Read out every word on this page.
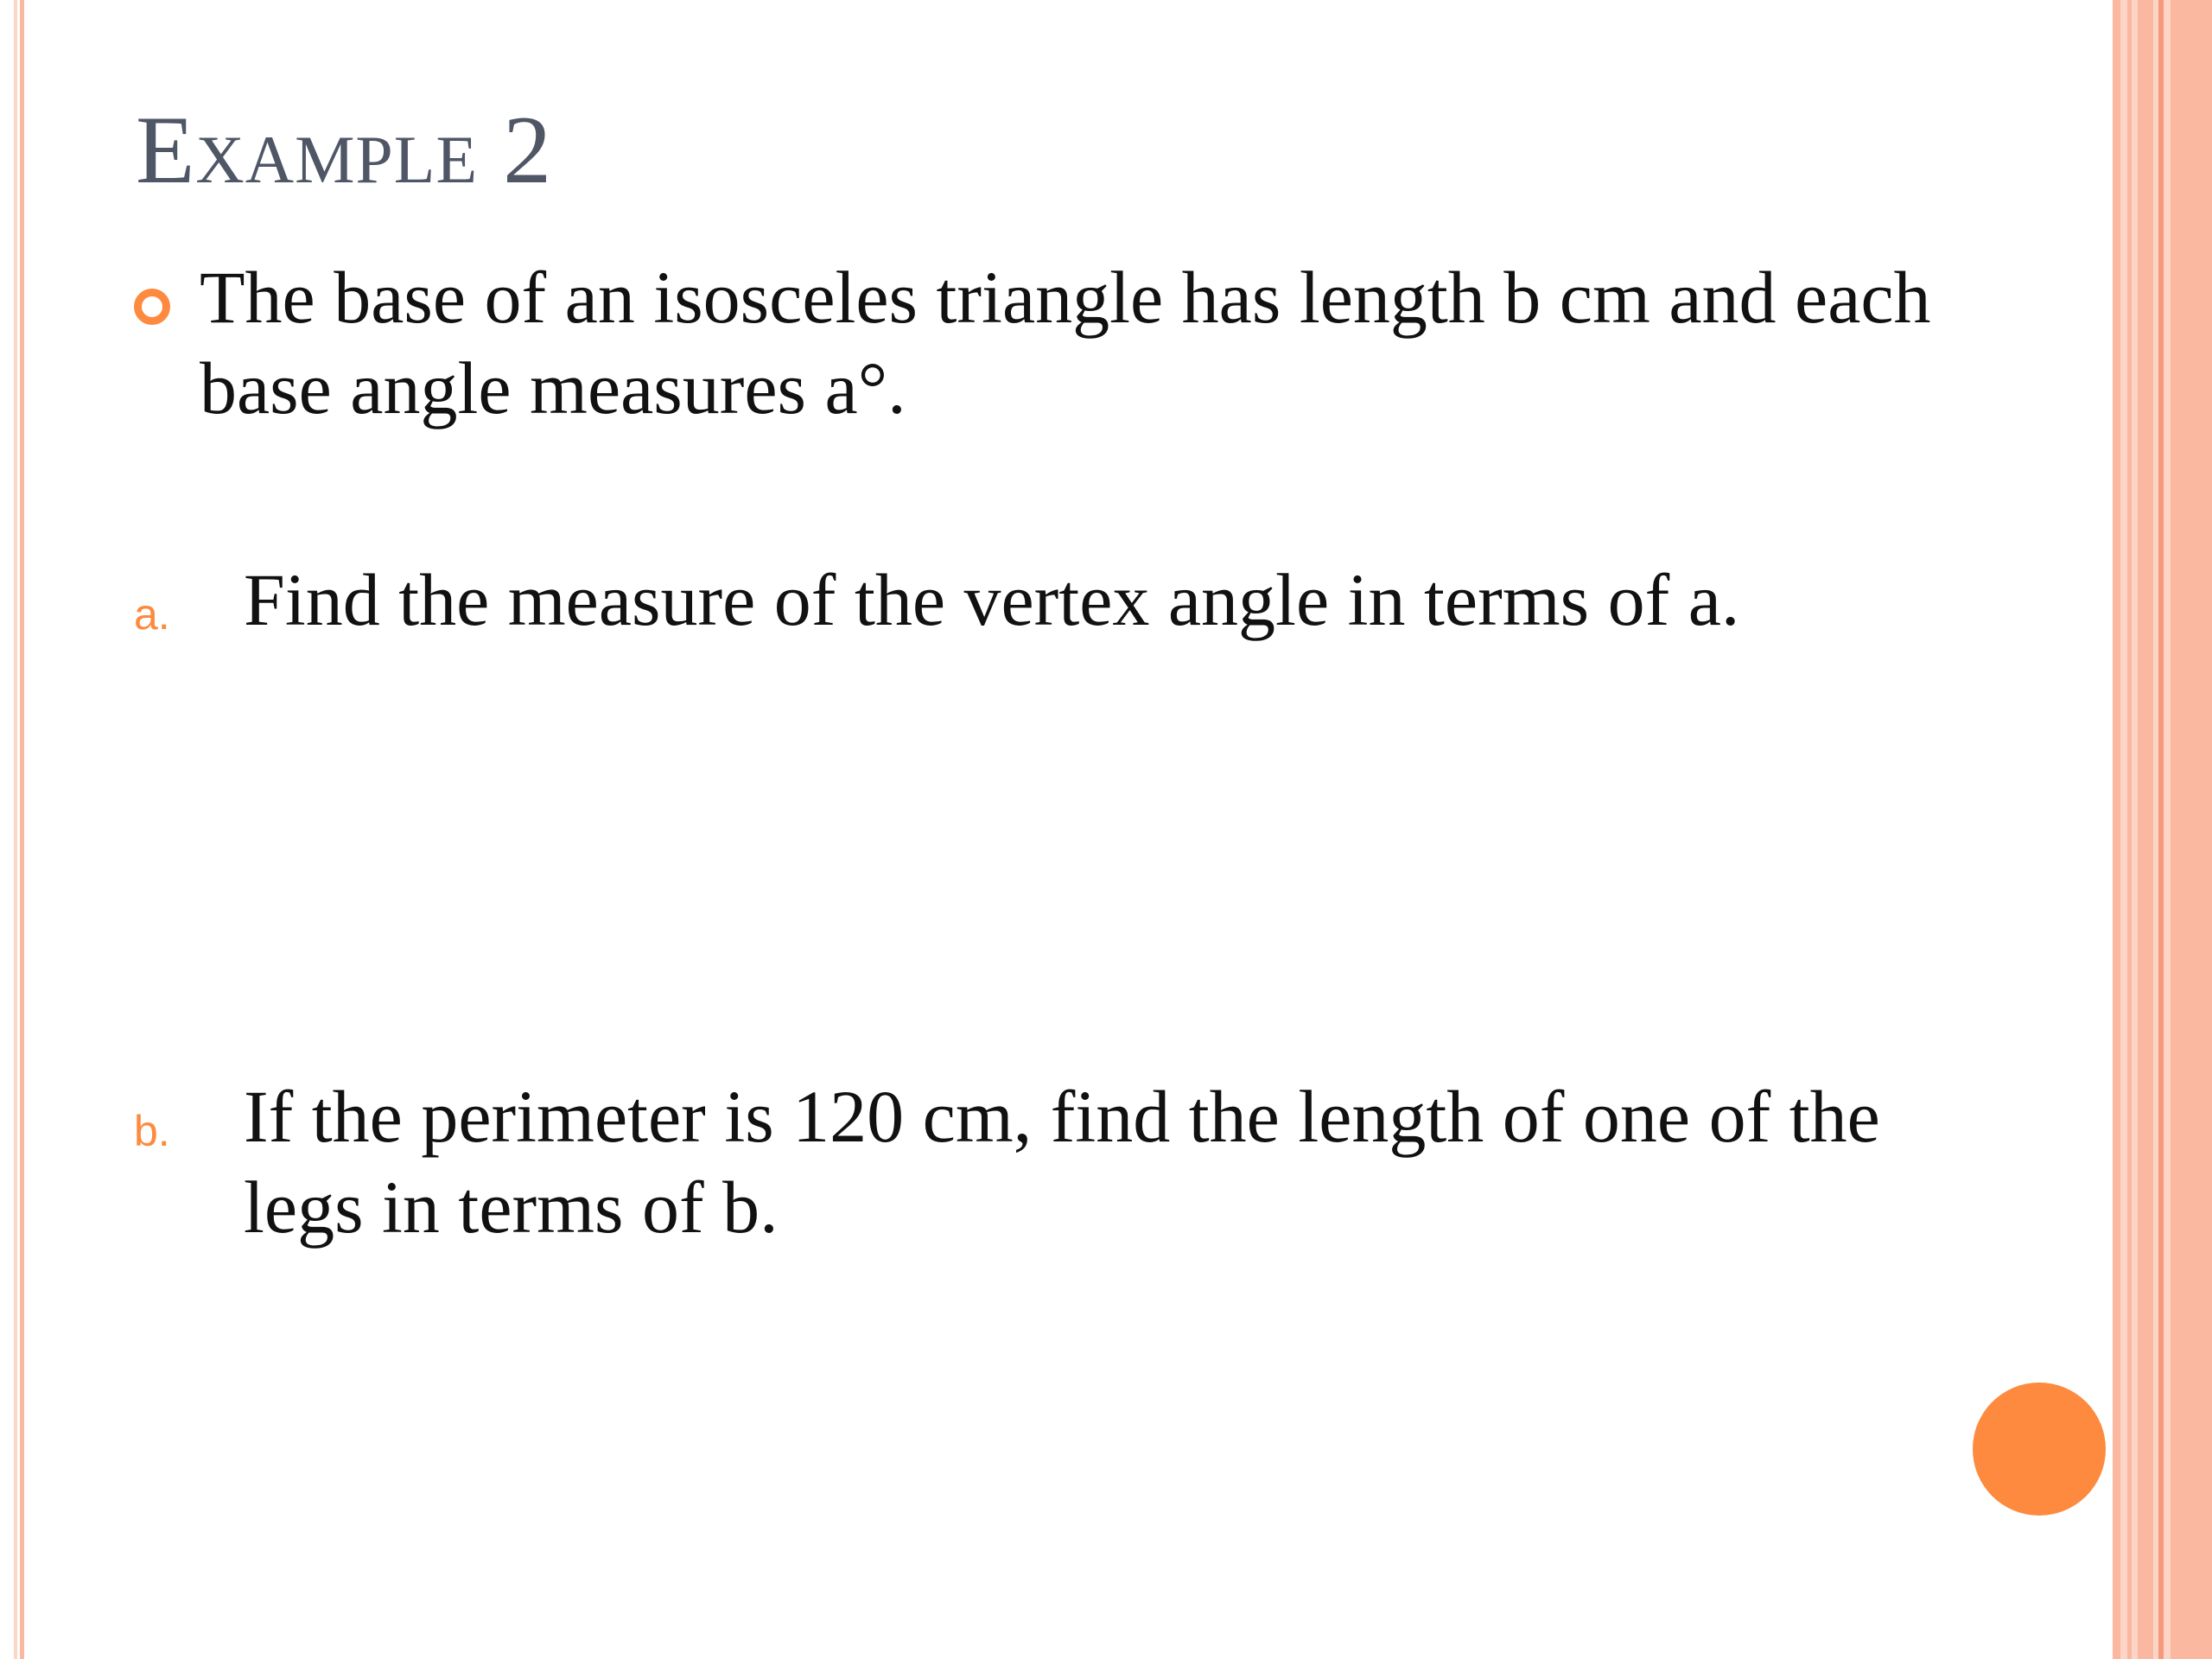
Example 2
The base of an isosceles triangle has length b cm and each base angle measures a°.
a. Find the measure of the vertex angle in terms of a.
b. If the perimeter is 120 cm, find the length of one of the legs in terms of b.
